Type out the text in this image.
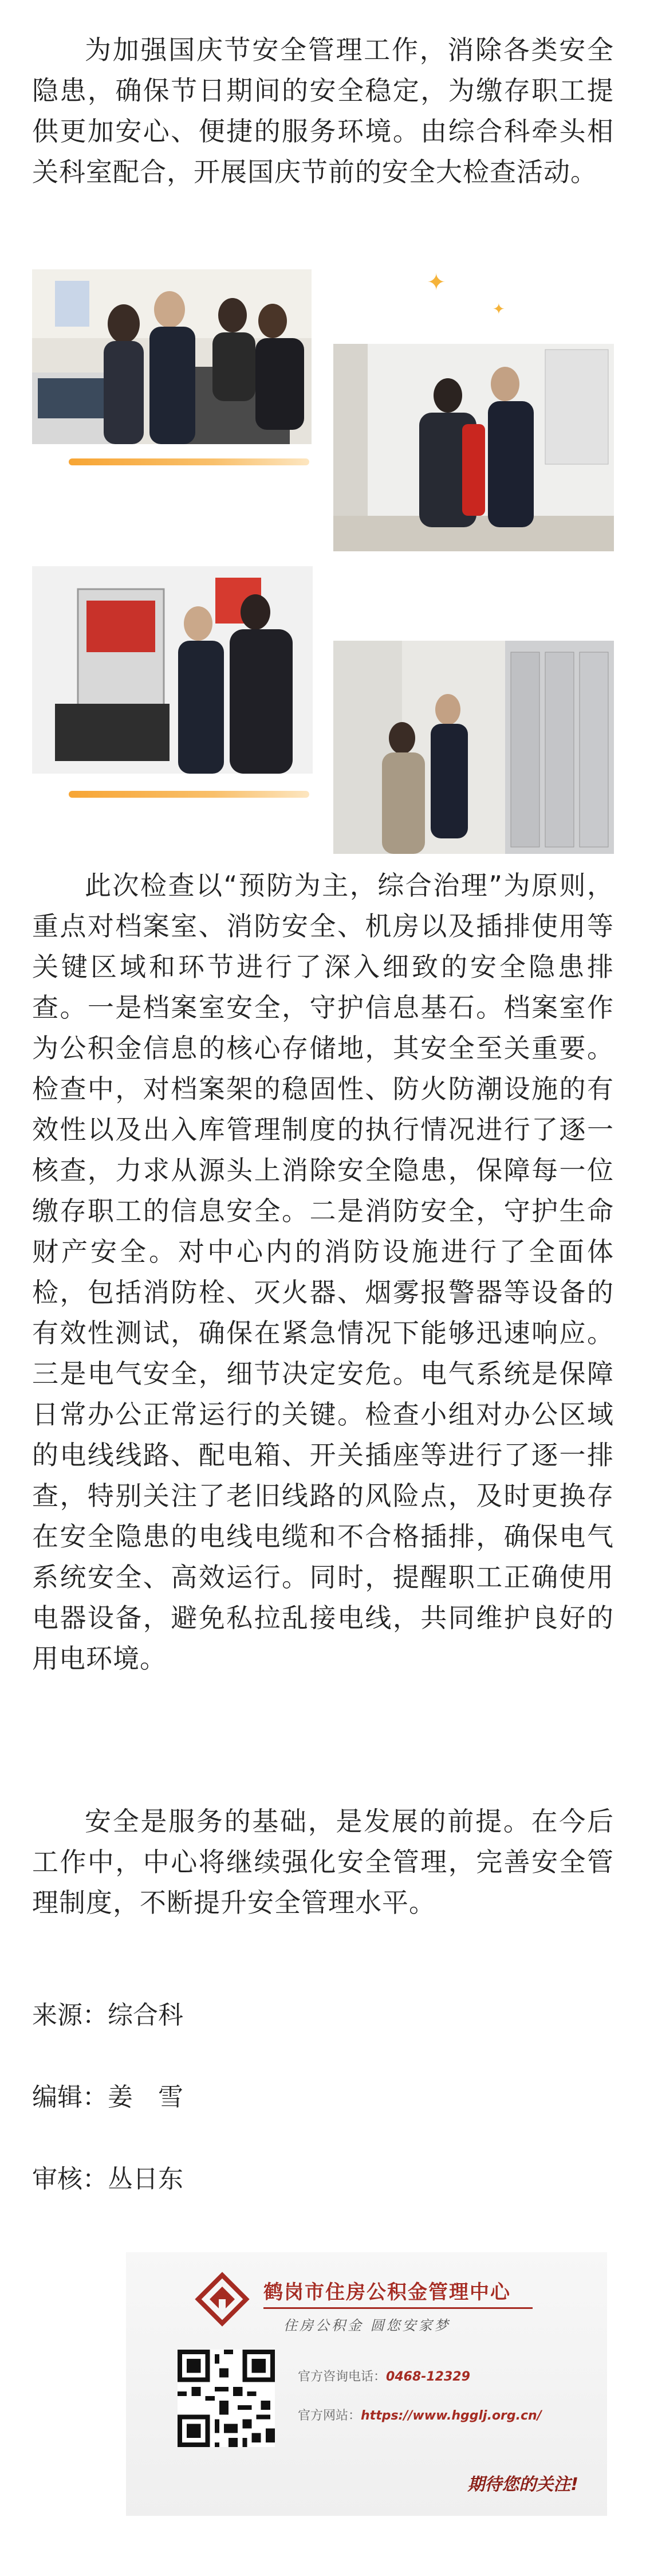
为加强国庆节安全管理工作，消除各类安全隐患，确保节日期间的安全稳定，为缴存职工提供更加安心、便捷的服务环境。由综合科牵头相关科室配合，开展国庆节前的安全大检查活动。

✦
✦

此次检查以“预防为主，综合治理”为原则，重点对档案室、消防安全、机房以及插排使用等关键区域和环节进行了深入细致的安全隐患排查。一是档案室安全，守护信息基石。档案室作为公积金信息的核心存储地，其安全至关重要。检查中，对档案架的稳固性、防火防潮设施的有效性以及出入库管理制度的执行情况进行了逐一核查，力求从源头上消除安全隐患，保障每一位缴存职工的信息安全。二是消防安全，守护生命财产安全。对中心内的消防设施进行了全面体检，包括消防栓、灭火器、烟雾报警器等设备的有效性测试，确保在紧急情况下能够迅速响应。三是电气安全，细节决定安危。电气系统是保障日常办公正常运行的关键。检查小组对办公区域的电线线路、配电箱、开关插座等进行了逐一排查，特别关注了老旧线路的风险点，及时更换存在安全隐患的电线电缆和不合格插排，确保电气系统安全、高效运行。同时，提醒职工正确使用电器设备，避免私拉乱接电线，共同维护良好的用电环境。

安全是服务的基础，是发展的前提。在今后工作中，中心将继续强化安全管理，完善安全管理制度，不断提升安全管理水平。

来源：综合科

编辑：姜　雪

审核：丛日东

鹤岗市住房公积金管理中心
住房公积金 圆您安家梦
官方咨询电话：0468-12329
官方网站：https://www.hgglj.org.cn/
期待您的关注!
